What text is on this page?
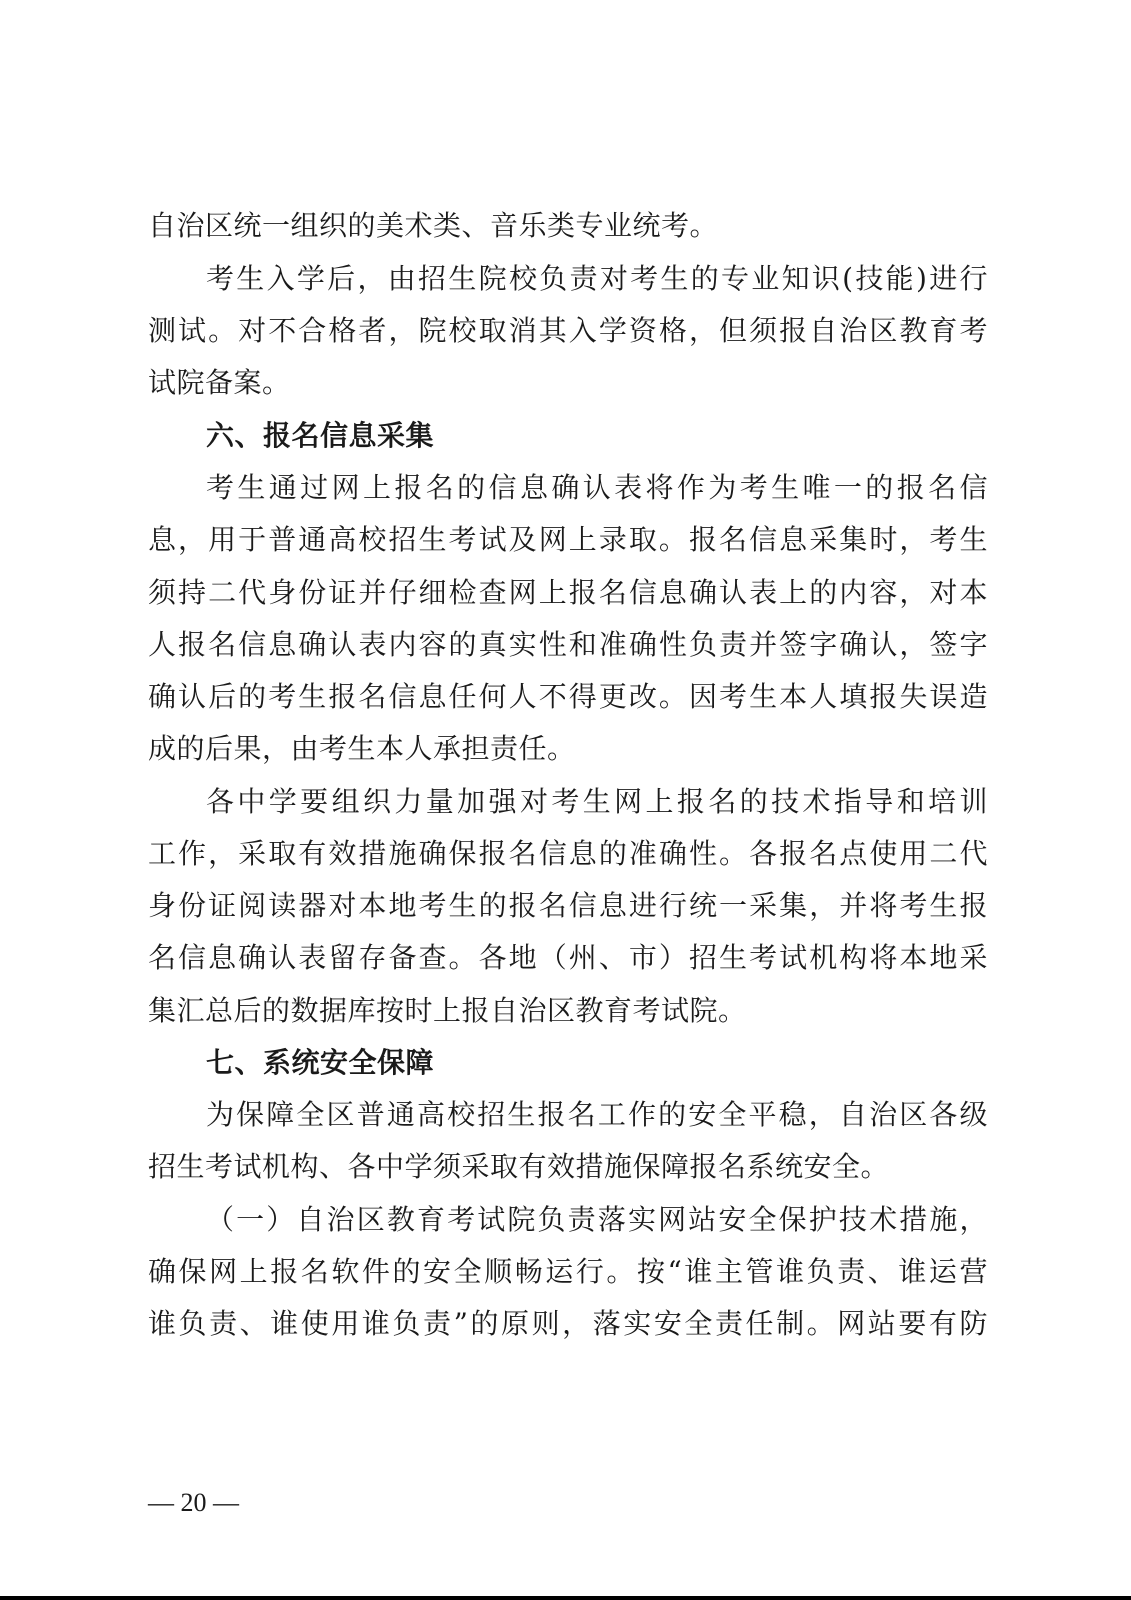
自治区统一组织的美术类、音乐类专业统考。
考生入学后，由招生院校负责对考生的专业知识(技能)进行
测试。对不合格者，院校取消其入学资格，但须报自治区教育考
试院备案。
六、报名信息采集
考生通过网上报名的信息确认表将作为考生唯一的报名信
息，用于普通高校招生考试及网上录取。报名信息采集时，考生
须持二代身份证并仔细检查网上报名信息确认表上的内容，对本
人报名信息确认表内容的真实性和准确性负责并签字确认，签字
确认后的考生报名信息任何人不得更改。因考生本人填报失误造
成的后果，由考生本人承担责任。
各中学要组织力量加强对考生网上报名的技术指导和培训
工作，采取有效措施确保报名信息的准确性。各报名点使用二代
身份证阅读器对本地考生的报名信息进行统一采集，并将考生报
名信息确认表留存备查。各地（州、市）招生考试机构将本地采
集汇总后的数据库按时上报自治区教育考试院。
七、系统安全保障
为保障全区普通高校招生报名工作的安全平稳，自治区各级
招生考试机构、各中学须采取有效措施保障报名系统安全。
（一）自治区教育考试院负责落实网站安全保护技术措施，
确保网上报名软件的安全顺畅运行。按“谁主管谁负责、谁运营
谁负责、谁使用谁负责”的原则，落实安全责任制。网站要有防
— 20 —
